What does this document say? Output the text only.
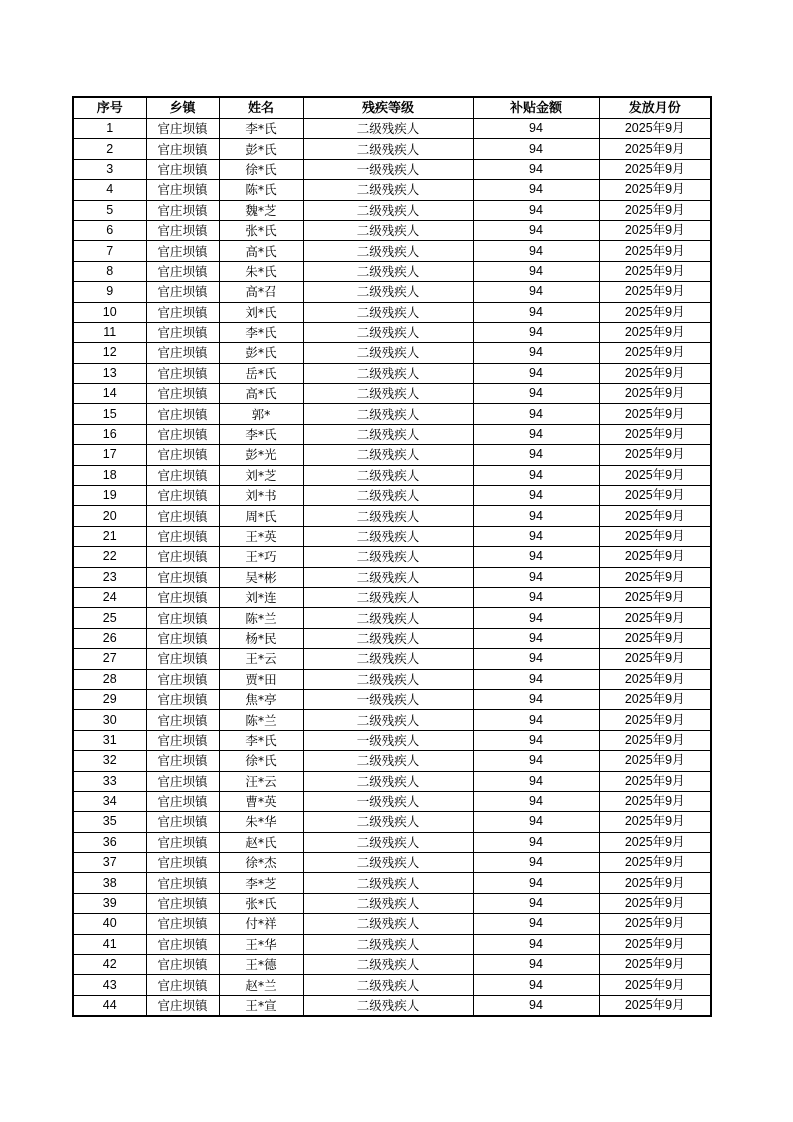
序号	乡镇	姓名	残疾等级	补贴金额	发放月份
1	官庄坝镇	李*氏	二级残疾人	94	2025年9月
2	官庄坝镇	彭*氏	二级残疾人	94	2025年9月
3	官庄坝镇	徐*氏	一级残疾人	94	2025年9月
4	官庄坝镇	陈*氏	二级残疾人	94	2025年9月
5	官庄坝镇	魏*芝	二级残疾人	94	2025年9月
6	官庄坝镇	张*氏	二级残疾人	94	2025年9月
7	官庄坝镇	高*氏	二级残疾人	94	2025年9月
8	官庄坝镇	朱*氏	二级残疾人	94	2025年9月
9	官庄坝镇	高*召	二级残疾人	94	2025年9月
10	官庄坝镇	刘*氏	二级残疾人	94	2025年9月
11	官庄坝镇	李*氏	二级残疾人	94	2025年9月
12	官庄坝镇	彭*氏	二级残疾人	94	2025年9月
13	官庄坝镇	岳*氏	二级残疾人	94	2025年9月
14	官庄坝镇	高*氏	二级残疾人	94	2025年9月
15	官庄坝镇	郭*	二级残疾人	94	2025年9月
16	官庄坝镇	李*氏	二级残疾人	94	2025年9月
17	官庄坝镇	彭*光	二级残疾人	94	2025年9月
18	官庄坝镇	刘*芝	二级残疾人	94	2025年9月
19	官庄坝镇	刘*书	二级残疾人	94	2025年9月
20	官庄坝镇	周*氏	二级残疾人	94	2025年9月
21	官庄坝镇	王*英	二级残疾人	94	2025年9月
22	官庄坝镇	王*巧	二级残疾人	94	2025年9月
23	官庄坝镇	吴*彬	二级残疾人	94	2025年9月
24	官庄坝镇	刘*连	二级残疾人	94	2025年9月
25	官庄坝镇	陈*兰	二级残疾人	94	2025年9月
26	官庄坝镇	杨*民	二级残疾人	94	2025年9月
27	官庄坝镇	王*云	二级残疾人	94	2025年9月
28	官庄坝镇	贾*田	二级残疾人	94	2025年9月
29	官庄坝镇	焦*亭	一级残疾人	94	2025年9月
30	官庄坝镇	陈*兰	二级残疾人	94	2025年9月
31	官庄坝镇	李*氏	一级残疾人	94	2025年9月
32	官庄坝镇	徐*氏	二级残疾人	94	2025年9月
33	官庄坝镇	汪*云	二级残疾人	94	2025年9月
34	官庄坝镇	曹*英	一级残疾人	94	2025年9月
35	官庄坝镇	朱*华	二级残疾人	94	2025年9月
36	官庄坝镇	赵*氏	二级残疾人	94	2025年9月
37	官庄坝镇	徐*杰	二级残疾人	94	2025年9月
38	官庄坝镇	李*芝	二级残疾人	94	2025年9月
39	官庄坝镇	张*氏	二级残疾人	94	2025年9月
40	官庄坝镇	付*祥	二级残疾人	94	2025年9月
41	官庄坝镇	王*华	二级残疾人	94	2025年9月
42	官庄坝镇	王*德	二级残疾人	94	2025年9月
43	官庄坝镇	赵*兰	二级残疾人	94	2025年9月
44	官庄坝镇	王*宣	二级残疾人	94	2025年9月
